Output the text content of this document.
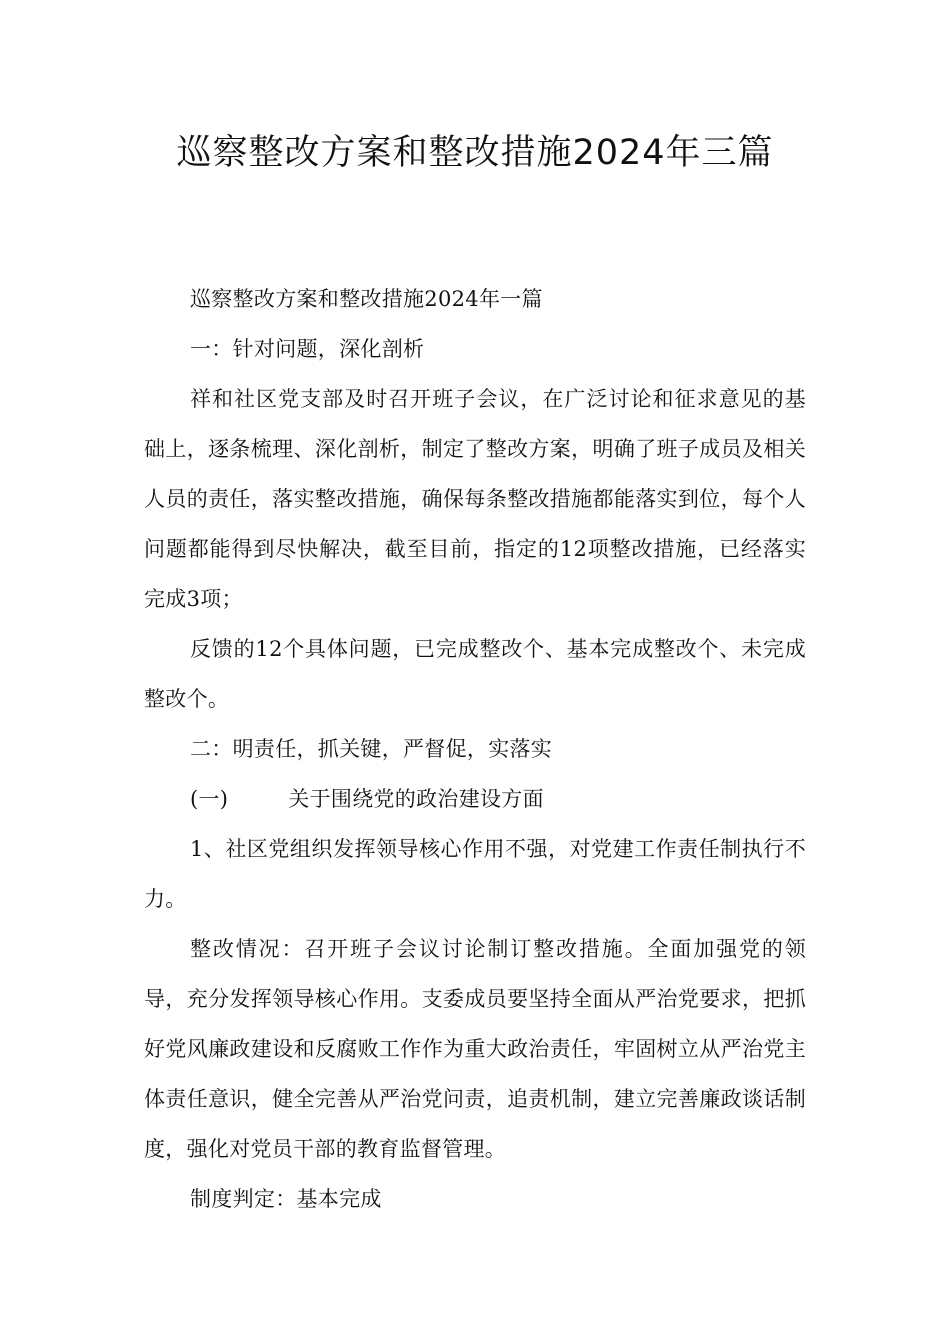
巡察整改方案和整改措施2024年三篇

巡察整改方案和整改措施2024年一篇

一：针对问题，深化剖析

祥和社区党支部及时召开班子会议，在广泛讨论和征求意见的基础上，逐条梳理、深化剖析，制定了整改方案，明确了班子成员及相关人员的责任，落实整改措施，确保每条整改措施都能落实到位，每个人问题都能得到尽快解决，截至目前，指定的12项整改措施，已经落实完成3项；

反馈的12个具体问题，已完成整改个、基本完成整改个、未完成整改个。

二：明责任，抓关键，严督促，实落实

(一)	关于围绕党的政治建设方面

1、社区党组织发挥领导核心作用不强，对党建工作责任制执行不力。

整改情况：召开班子会议讨论制订整改措施。全面加强党的领导，充分发挥领导核心作用。支委成员要坚持全面从严治党要求，把抓好党风廉政建设和反腐败工作作为重大政治责任，牢固树立从严治党主体责任意识，健全完善从严治党问责，追责机制，建立完善廉政谈话制度，强化对党员干部的教育监督管理。

制度判定：基本完成
